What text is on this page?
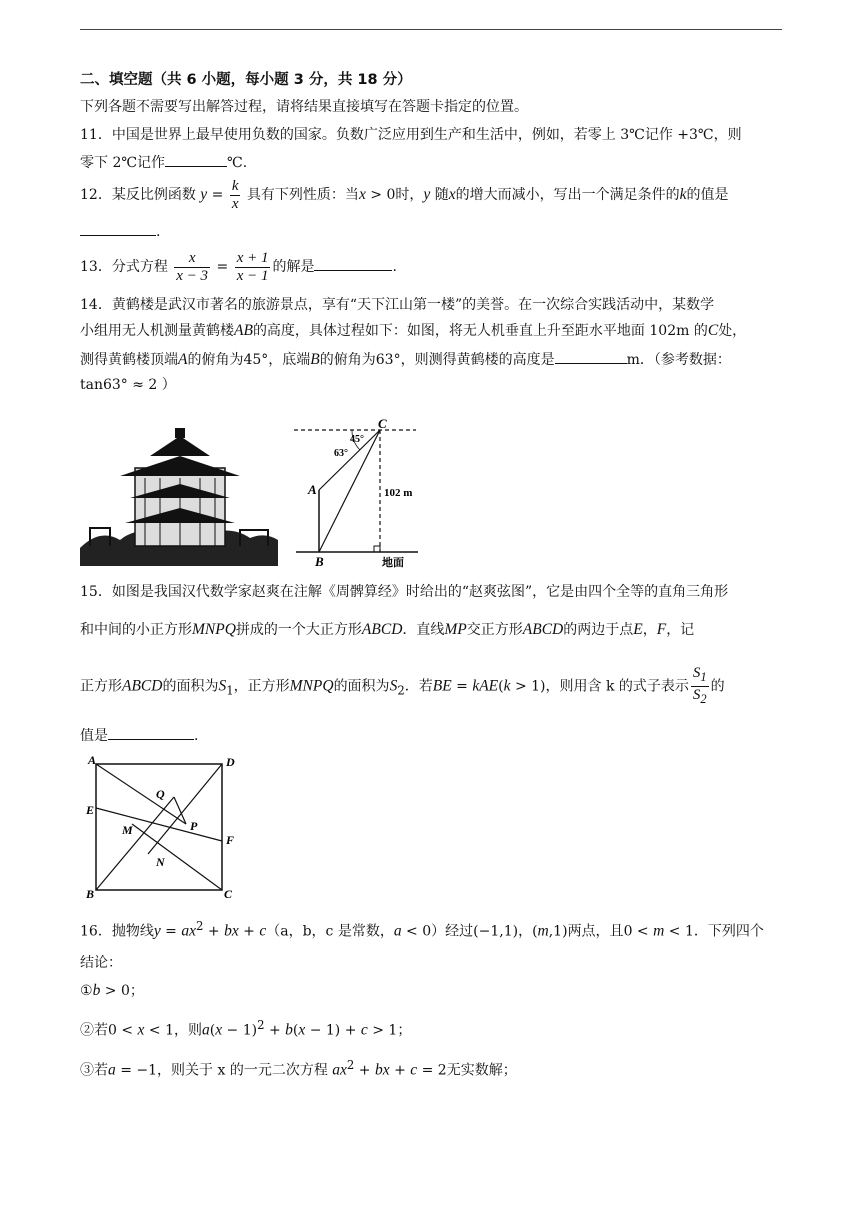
二、填空题（共 6 小题，每小题 3 分，共 18 分）
下列各题不需要写出解答过程，请将结果直接填写在答题卡指定的位置。
11．中国是世界上最早使用负数的国家。负数广泛应用到生产和生活中，例如，若零上 3℃记作 +3℃，则
零下 2℃记作	℃.
12．某反比例函数 $y = \frac{k}{x}$ 具有下列性质：当x > 0时，y 随x的增大而减小，写出一个满足条件的k的值是
.
13．分式方程 $\frac{x}{x - 3} = \frac{x + 1}{x - 1}$ 的解是	.
14．黄鹤楼是武汉市著名的旅游景点，享有“天下江山第一楼”的美誉。在一次综合实践活动中，某数学
小组用无人机测量黄鹤楼AB的高度，具体过程如下：如图，将无人机垂直上升至距水平地面 102m 的C处，
测得黄鹤楼顶端A的俯角为45°，底端B的俯角为63°，则测得黄鹤楼的高度是	m．（参考数据：
tan63° ≈ 2 ）
C
A
B
45°
63°
102 m
地面
15．如图是我国汉代数学家赵爽在注解《周髀算经》时给出的“赵爽弦图”，它是由四个全等的直角三角形
和中间的小正方形MNPQ拼成的一个大正方形ABCD．直线MP交正方形ABCD的两边于点E，F，记
正方形ABCD的面积为$S_1$，正方形MNPQ的面积为$S_2$．若BE = kAE(k > 1)，则用含 k 的式子表示 $\frac{S_1}{S_2}$ 的
值是	.
A	D
E
Q
M	P
F
N
B	C
16．抛物线$y = ax^2$ + bx + c（a，b，c 是常数，a < 0）经过(−1,1)，(m,1)两点，且0 < m < 1．下列四个
结论：
①b > 0；
②若0 < x < 1，则$a(x - 1)^2 + b(x - 1) + c > 1$；
③若a = −1，则关于 x 的一元二次方程 $ax^2$ + bx + c = 2无实数解；
